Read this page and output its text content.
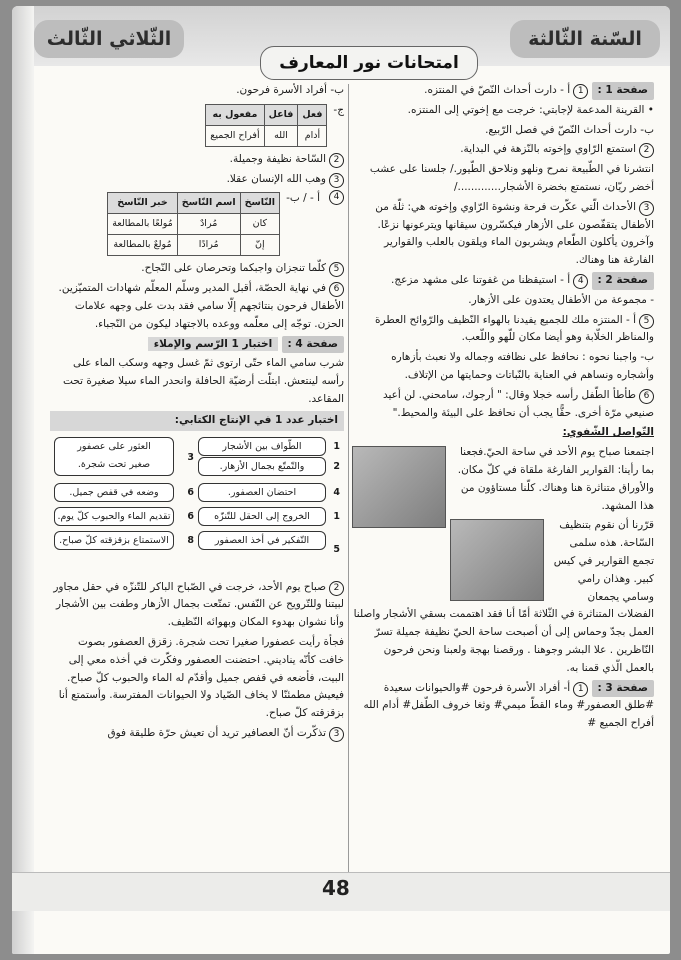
السّنة الثّالثة
الثّلاثي الثّالث
امتحانات نور المعارف

صفحة 1 : 1أ - دارت أحداث النّصّ في المنتزه.

• القرينة المدعمة لإجابتي: خرجت مع إخوتي إلى المنتزه.

ب- دارت أحداث النّصّ في فصل الرّبيع.

2استمتع الرّاوي وإخوته بالنّزهة في البداية.

انتشرنا في الطّبيعة نمرح ونلهو ونلاحق الطّيور./ جلسنا على عشب أخضر ريّان، نستمتع بخضرة الأشجار............./

3الأحداث الّتي عكّرت فرحة ونشوة الرّاوي وإخوته هي: ثلّة من الأطفال يتقفّصون على الأزهار فيكسّرون سيقانها ويترعونها نزعًا. وآخرون يأكلون الطّعام ويشربون الماء ويلقون بالعلب والقوارير الفارغة هنا وهناك.

صفحة 2 : 4أ - استيقظنا من غفوتنا على مشهد مزعج.

- مجموعة من الأطفال يعتدون على الأزهار.

5أ - المنتزه ملك للجميع يفيدنا بالهواء النّظيف والرّوائح العطرة والمناظر الخلّابة وهو أيضا مكان للّهو واللّعب.

ب- واجبنا نحوه : نحافظ على نظافته وجماله ولا نعبث بأزهاره وأشجاره ونساهم في العناية بالنّباتات وحمايتها من الإتلاف.

6طأطأ الطّفل رأسه خجلا وقال: " أرجوك، سامحني. لن أعيد صنيعي مرّة أخرى. حقًّا يجب أن نحافظ على البيئة والمحيط."

التّواصل الشّفوي:

اجتمعنا صباح يوم الأحد في ساحة الحيّ.فجعنا بما رأينا: القوارير الفارغة ملقاة في كلّ مكان. والأوراق متناثرة هنا وهناك. كلّنا مستاؤون من هذا المشهد.

قرّرنا أن نقوم بتنظيف السّاحة. هذه سلمى تجمع القوارير في كيس كبير. وهذان رامي وسامي يجمعان الفضلات المتناثرة في الثّلاثة أمّا أنا فقد اهتممت بسقي الأشجار واصلنا العمل بجدّ وحماس إلى أن أصبحت ساحة الحيّ نظيفة جميلة تسرّ النّاظرين . علا البشر وجوهنا . ورقصنا بهجة ولعبنا ونحن فرحون بالعمل الّذي قمنا به.

صفحة 3 : 1أ- أفراد الأسرة فرحون #والحيوانات سعيدة #طلق العصفور# وماء القطّ ميمي# وثغا خروف الطّفل# أدام الله أفراح الجميع #

ب- أفراد الأسرة فرحون.

ج-
فعل	فاعل	مفعول به
أدام	الله	أفراح الجميع

2السّاحة نظيفة وجميلة.

3وهب الله الإنسان عقلا.

4
أ - / ب-
النّاسخ	اسم النّاسخ	خبر النّاسخ
كان	مُرادٌ	مُولعًا بالمطالعة
إنّ	مُرادًا	مُولعٌ بالمطالعة

5كلّما تنجزان واجبكما وتحرصان على النّجاح.

6في نهاية الحصّة، أقبل المدير وسلّم المعلّم شهادات المتميّزين. الأطفال فرحون بنتائجهم إلّا سامي فقد بدت على وجهه علامات الحزن. توجّه إلى معلّمه ووعده بالاجتهاد ليكون من النّجباء.

صفحة 4 : اختبار 1 الرّسم والإملاء

شرب سامي الماء حتّى ارتوى ثمّ غسل وجهه وسكب الماء على رأسه لينتعش. ابتلّت أرضيّة الحافلة وانحدر الماء سيلا صغيرة تحت المقاعد.

اختبار عدد 1 في الإنتاج الكتابي:

الطّواف بين الأشجار	1
والتّمتّع بجمال الأزهار.	2
العثور على عصفور
صغير تحت شجرة.
3
احتضان العصفور.	4
وضعه في قفص جميل.	6
الخروج إلى الحقل للتّنزّه	1
تقديم الماء والحبوب كلّ يوم.	6
التّفكير في أخذ العصفور
5
الاستمتاع بزقزقته كلّ صباح.	8

2صباح يوم الأحد، خرجت في الصّباح الباكر للتّنزّه في حقل مجاور لبيتنا وللتّرويح عن النّفس. تمتّعت بجمال الأزهار وطفت بين الأشجار وأنا نشوان بهدوء المكان وبهوائه النّظيف.

فجأة رأيت عصفورا صغيرا تحت شجرة. زقزق العصفور بصوت خافت كأنّه يناديني. احتضنت العصفور وفكّرت في أخذه معي إلى البيت، فأضعه في قفص جميل وأقدّم له الماء والحبوب كلّ صباح. فيعيش مطمئنّا لا يخاف الصّياد ولا الحيوانات المفترسة. وأستمتع أنا بزقزقته كلّ صباح.

3تذكّرت أنّ العصافير تريد أن تعيش حرّة طليقة فوق

48
